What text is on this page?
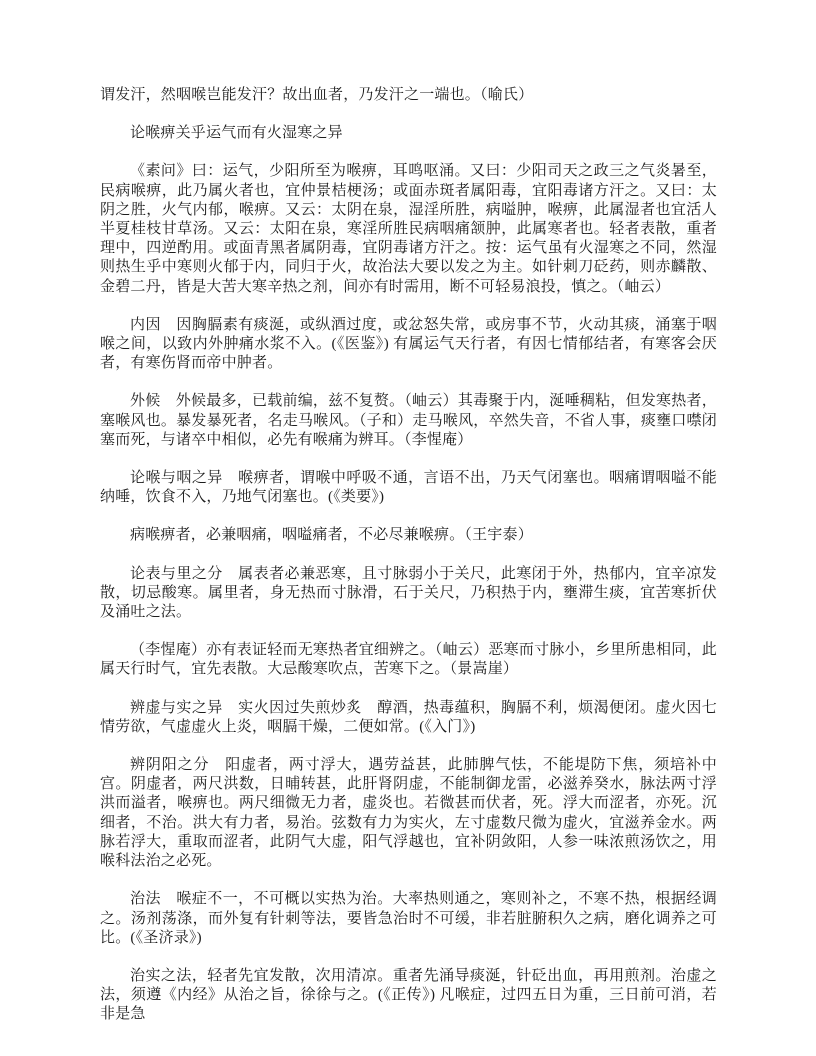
谓发汗，然咽喉岂能发汗？故出血者，乃发汗之一端也。（喻氏）

论喉痹关乎运气而有火湿寒之异

《素问》曰：运气，少阳所至为喉痹，耳鸣呕涌。又曰：少阳司天之政三之气炎暑至，民病喉痹，此乃属火者也，宜仲景桔梗汤；或面赤斑者属阳毒，宜阳毒诸方汗之。又曰：太阴之胜，火气内郁，喉痹。又云：太阴在泉，湿淫所胜，病嗌肿，喉痹，此属湿者也宜活人半夏桂枝甘草汤。又云：太阳在泉，寒淫所胜民病咽痛颔肿，此属寒者也。轻者表散，重者理中，四逆酌用。或面青黑者属阴毒，宜阴毒诸方汗之。按：运气虽有火湿寒之不同，然湿则热生乎中寒则火郁于内，同归于火，故治法大要以发之为主。如针刺刀砭药，则赤麟散、金碧二丹，皆是大苦大寒辛热之剂，间亦有时需用，断不可轻易浪投，慎之。（岫云）

内因　因胸膈素有痰涎，或纵酒过度，或忿怒失常，或房事不节，火动其痰，涌塞于咽喉之间，以致内外肿痛水浆不入。(《医鉴》) 有属运气天行者，有因七情郁结者，有寒客会厌者，有寒伤肾而帝中肿者。

外候　外候最多，已载前编，兹不复赘。（岫云）其毒聚于内，涎唾稠粘，但发寒热者，塞喉风也。暴发暴死者，名走马喉风。（子和）走马喉风，卒然失音，不省人事，痰壅口噤闭塞而死，与诸卒中相似，必先有喉痛为辨耳。（李惺庵）

论喉与咽之异　喉痹者，谓喉中呼吸不通，言语不出，乃天气闭塞也。咽痛谓咽嗌不能纳唾，饮食不入，乃地气闭塞也。(《类要》)

病喉痹者，必兼咽痛，咽嗌痛者，不必尽兼喉痹。（王宇泰）

论表与里之分　属表者必兼恶寒，且寸脉弱小于关尺，此寒闭于外，热郁内，宜辛凉发散，切忌酸寒。属里者，身无热而寸脉滑，石于关尺，乃积热于内，壅滞生痰，宜苦寒折伏及涌吐之法。

（李惺庵）亦有表证轻而无寒热者宜细辨之。（岫云）恶寒而寸脉小，乡里所患相同，此属天行时气，宜先表散。大忌酸寒吹点，苦寒下之。（景嵩崖）

辨虚与实之异　实火因过失煎炒炙　醇酒，热毒蕴积，胸膈不利，烦渴便闭。虚火因七情劳欲，气虚虚火上炎，咽膈干燥，二便如常。(《入门》)

辨阴阳之分　阳虚者，两寸浮大，遇劳益甚，此肺脾气怯，不能堤防下焦，须培补中宫。阴虚者，两尺洪数，日晡转甚，此肝肾阴虚，不能制御龙雷，必滋养癸水，脉法两寸浮洪而溢者，喉痹也。两尺细微无力者，虚炎也。若微甚而伏者，死。浮大而涩者，亦死。沉细者，不治。洪大有力者，易治。弦数有力为实火，左寸虚数尺微为虚火，宜滋养金水。两脉若浮大，重取而涩者，此阴气大虚，阳气浮越也，宜补阴敛阳，人参一味浓煎汤饮之，用喉科法治之必死。

治法　喉症不一，不可概以实热为治。大率热则通之，寒则补之，不寒不热，根据经调之。汤剂荡涤，而外复有针刺等法，要皆急治时不可缓，非若脏腑积久之病，磨化调养之可比。(《圣济录》)

治实之法，轻者先宜发散，次用清凉。重者先涌导痰涎，针砭出血，再用煎剂。治虚之法，须遵《内经》从治之旨，徐徐与之。(《正传》) 凡喉症，过四五日为重，三日前可消，若非是急
